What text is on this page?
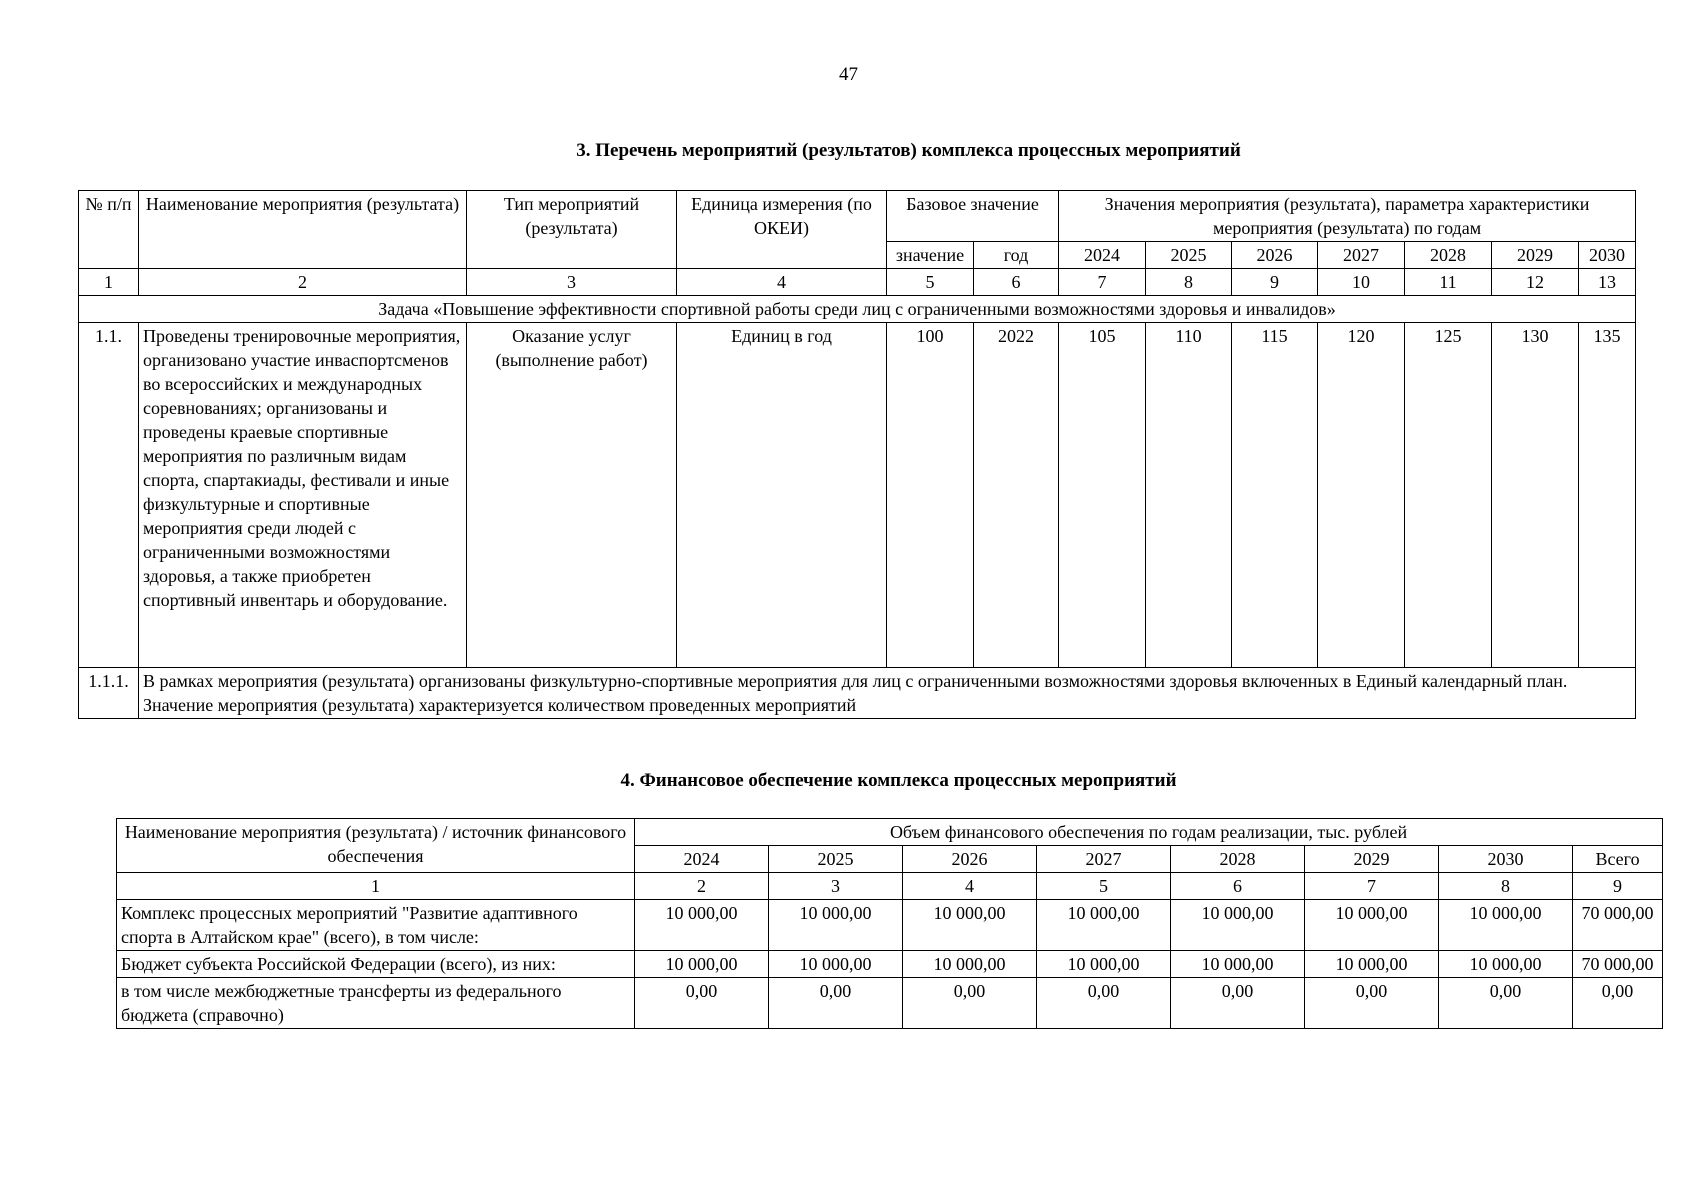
47
3. Перечень мероприятий (результатов) комплекса процессных мероприятий
№ п/п	Наименование мероприятия (результата)	Тип мероприятий (результата)	Единица измерения (по ОКЕИ)	Базовое значение		Значения мероприятия (результата), параметра характеристики мероприятия (результата) по годам						
				значение	год	2024	2025	2026	2027	2028	2029	2030
1	2	3	4	5	6	7	8	9	10	11	12	13
Задача «Повышение эффективности спортивной работы среди лиц с ограниченными возможностями здоровья и инвалидов»												
1.1.	Проведены тренировочные мероприятия, организовано участие инваспортсменов во всероссийских и международных соревнованиях; организованы и проведены краевые спортивные мероприятия по различным видам спорта, спартакиады, фестивали и иные физкультурные и спортивные мероприятия среди людей с ограниченными возможностями здоровья, а также приобретен спортивный инвентарь и оборудование.	Оказание услуг (выполнение работ)	Единиц в год	100	2022	105	110	115	120	125	130	135
1.1.1.	В рамках мероприятия (результата) организованы физкультурно-спортивные мероприятия для лиц с ограниченными возможностями здоровья включенных в Единый календарный план. Значение мероприятия (результата) характеризуется количеством проведенных мероприятий											
4. Финансовое обеспечение комплекса процессных мероприятий
Наименование мероприятия (результата) / источник финансового обеспечения	Объем финансового обеспечения по годам реализации, тыс. рублей							
	2024	2025	2026	2027	2028	2029	2030	Всего
1	2	3	4	5	6	7	8	9
Комплекс процессных мероприятий "Развитие адаптивного спорта в Алтайском крае" (всего), в том числе:	10 000,00	10 000,00	10 000,00	10 000,00	10 000,00	10 000,00	10 000,00	70 000,00
Бюджет субъекта Российской Федерации (всего), из них:	10 000,00	10 000,00	10 000,00	10 000,00	10 000,00	10 000,00	10 000,00	70 000,00
в том числе межбюджетные трансферты из федерального бюджета (справочно)	0,00	0,00	0,00	0,00	0,00	0,00	0,00	0,00
